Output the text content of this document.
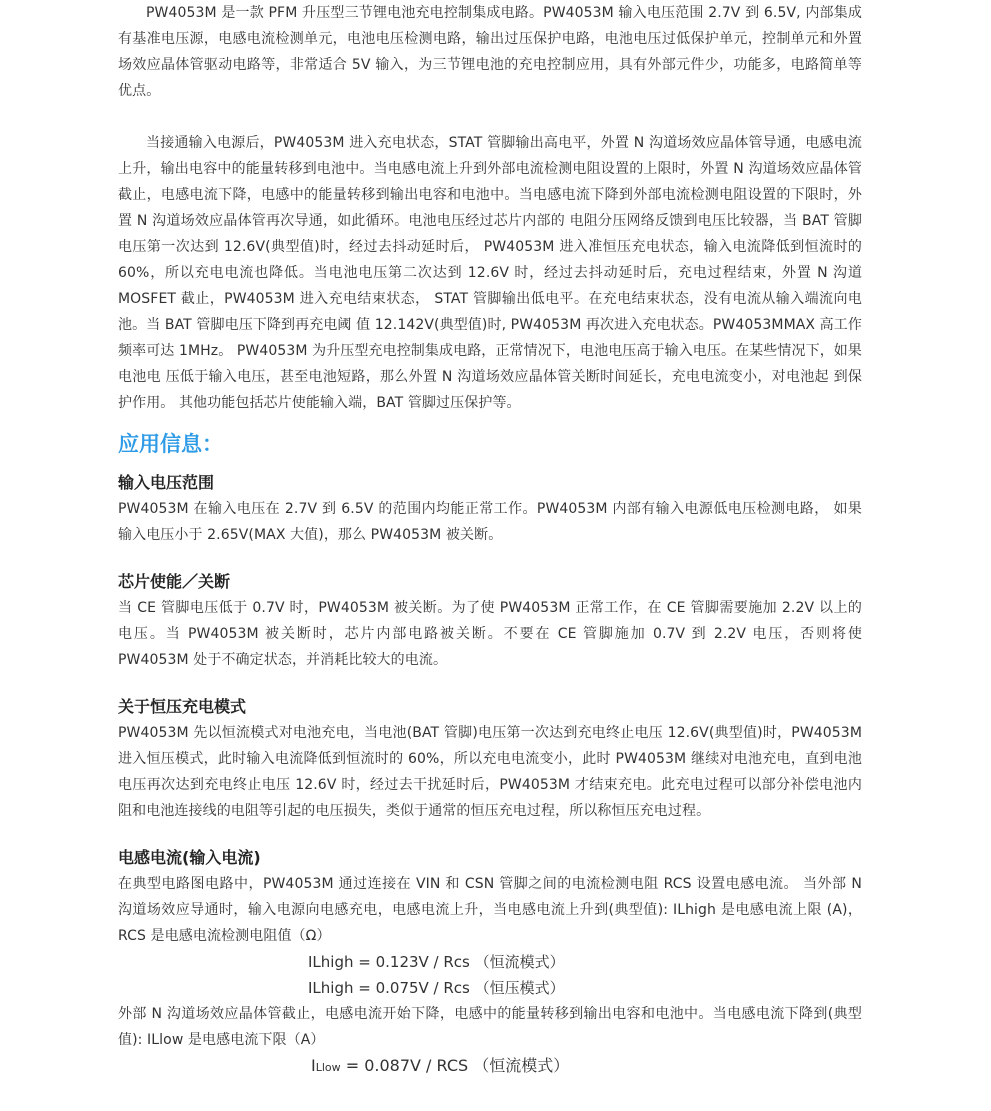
PW4053M 是一款 PFM 升压型三节锂电池充电控制集成电路。PW4053M 输入电压范围 2.7V 到 6.5V, 内部集成有基准电压源，电感电流检测单元，电池电压检测电路，输出过压保护电路，电池电压过低保护单元，控制单元和外置场效应晶体管驱动电路等，非常适合 5V 输入，为三节锂电池的充电控制应用，具有外部元件少，功能多，电路简单等优点。

当接通输入电源后，PW4053M 进入充电状态，STAT 管脚输出高电平，外置 N 沟道场效应晶体管导通，电感电流上升，输出电容中的能量转移到电池中。当电感电流上升到外部电流检测电阻设置的上限时，外置 N 沟道场效应晶体管截止，电感电流下降，电感中的能量转移到输出电容和电池中。当电感电流下降到外部电流检测电阻设置的下限时，外置 N 沟道场效应晶体管再次导通，如此循环。电池电压经过芯片内部的 电阻分压网络反馈到电压比较器，当 BAT 管脚电压第一次达到 12.6V(典型值)时，经过去抖动延时后， PW4053M 进入准恒压充电状态，输入电流降低到恒流时的 60%，所以充电电流也降低。当电池电压第二次达到 12.6V 时，经过去抖动延时后，充电过程结束，外置 N 沟道 MOSFET 截止，PW4053M 进入充电结束状态， STAT 管脚输出低电平。在充电结束状态，没有电流从输入端流向电池。当 BAT 管脚电压下降到再充电阈 值 12.142V(典型值)时, PW4053M 再次进入充电状态。PW4053MMAX 高工作频率可达 1MHz。 PW4053M 为升压型充电控制集成电路，正常情况下，电池电压高于输入电压。在某些情况下，如果电池电 压低于输入电压，甚至电池短路，那么外置 N 沟道场效应晶体管关断时间延长，充电电流变小，对电池起 到保护作用。 其他功能包括芯片使能输入端，BAT 管脚过压保护等。

应用信息：
输入电压范围

PW4053M 在输入电压在 2.7V 到 6.5V 的范围内均能正常工作。PW4053M 内部有输入电源低电压检测电路， 如果输入电压小于 2.65V(MAX 大值)，那么 PW4053M 被关断。

芯片使能／关断

当 CE 管脚电压低于 0.7V 时，PW4053M 被关断。为了使 PW4053M 正常工作，在 CE 管脚需要施加 2.2V 以上的电压。当 PW4053M 被关断时，芯片内部电路被关断。不要在 CE 管脚施加 0.7V 到 2.2V 电压，否则将使 PW4053M 处于不确定状态，并消耗比较大的电流。

关于恒压充电模式

PW4053M 先以恒流模式对电池充电，当电池(BAT 管脚)电压第一次达到充电终止电压 12.6V(典型值)时，PW4053M 进入恒压模式，此时输入电流降低到恒流时的 60%，所以充电电流变小，此时 PW4053M 继续对电池充电，直到电池电压再次达到充电终止电压 12.6V 时，经过去干扰延时后，PW4053M 才结束充电。此充电过程可以部分补偿电池内阻和电池连接线的电阻等引起的电压损失，类似于通常的恒压充电过程，所以称恒压充电过程。

电感电流(输入电流)

在典型电路图电路中，PW4053M 通过连接在 VIN 和 CSN 管脚之间的电流检测电阻 RCS 设置电感电流。 当外部 N 沟道场效应导通时，输入电源向电感充电，电感电流上升，当电感电流上升到(典型值): ILhigh 是电感电流上限 (A)，RCS 是电感电流检测电阻值（Ω）

ILhigh = 0.123V / Rcs （恒流模式）

ILhigh = 0.075V / Rcs （恒压模式）

外部 N 沟道场效应晶体管截止，电感电流开始下降，电感中的能量转移到输出电容和电池中。当电感电流下降到(典型值): ILlow 是电感电流下限（A）

ILlow = 0.087V / RCS （恒流模式）
